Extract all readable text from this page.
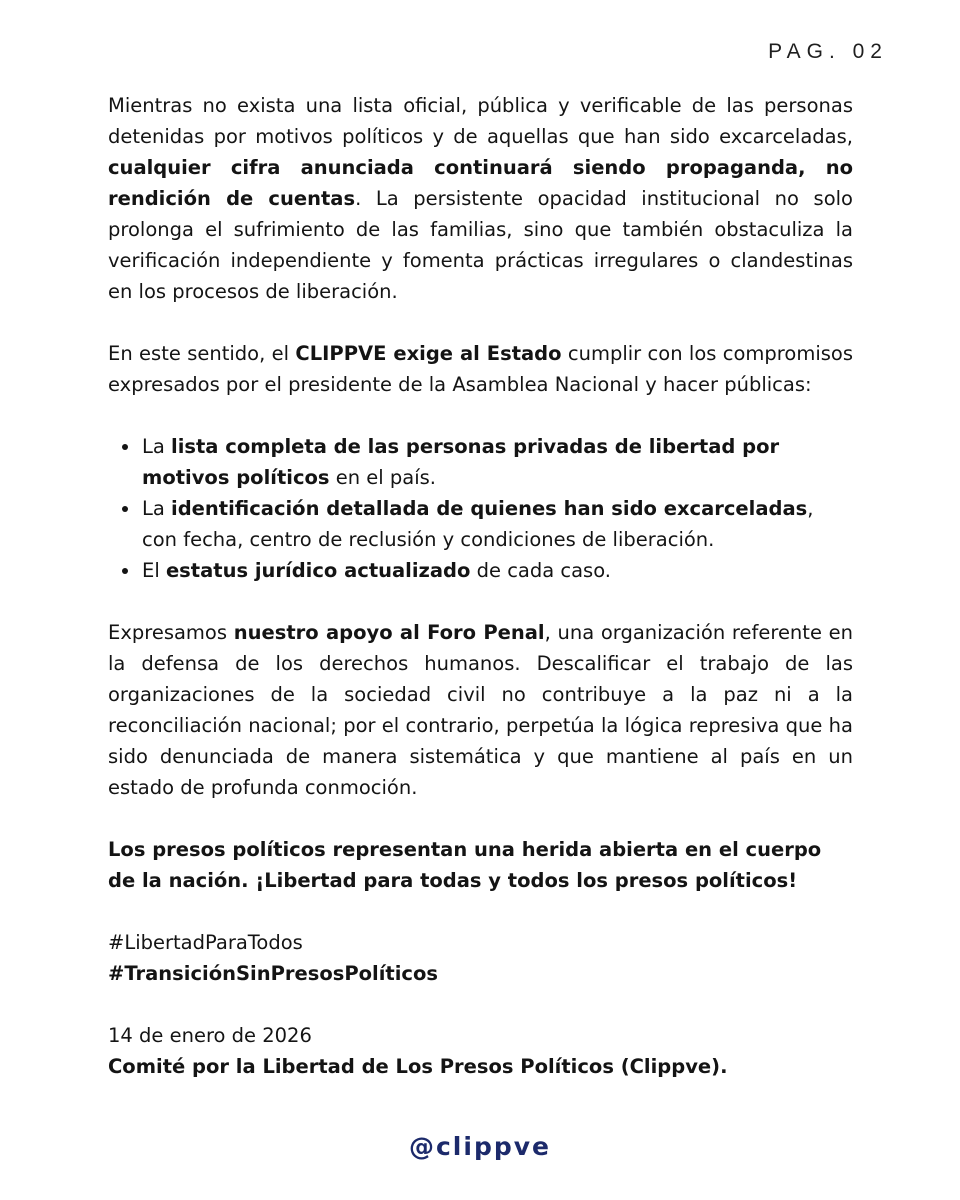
PAG. 02

Mientras no exista una lista oficial, pública y verificable de las personas detenidas por motivos políticos y de aquellas que han sido excarceladas, cualquier cifra anunciada continuará siendo propaganda, no rendición de cuentas. La persistente opacidad institucional no solo prolonga el sufrimiento de las familias, sino que también obstaculiza la verificación independiente y fomenta prácticas irregulares o clandestinas en los procesos de liberación.

En este sentido, el CLIPPVE exige al Estado cumplir con los compromisos expresados por el presidente de la Asamblea Nacional y hacer públicas:

La lista completa de las personas privadas de libertad por motivos políticos en el país.
La identificación detallada de quienes han sido excarceladas, con fecha, centro de reclusión y condiciones de liberación.
El estatus jurídico actualizado de cada caso.

Expresamos nuestro apoyo al Foro Penal, una organización referente en la defensa de los derechos humanos. Descalificar el trabajo de las organizaciones de la sociedad civil no contribuye a la paz ni a la reconciliación nacional; por el contrario, perpetúa la lógica represiva que ha sido denunciada de manera sistemática y que mantiene al país en un estado de profunda conmoción.

Los presos políticos representan una herida abierta en el cuerpo de la nación. ¡Libertad para todas y todos los presos políticos!

#LibertadParaTodos

#TransiciónSinPresosPolíticos

14 de enero de 2026

Comité por la Libertad de Los Presos Políticos (Clippve).

@clippve
